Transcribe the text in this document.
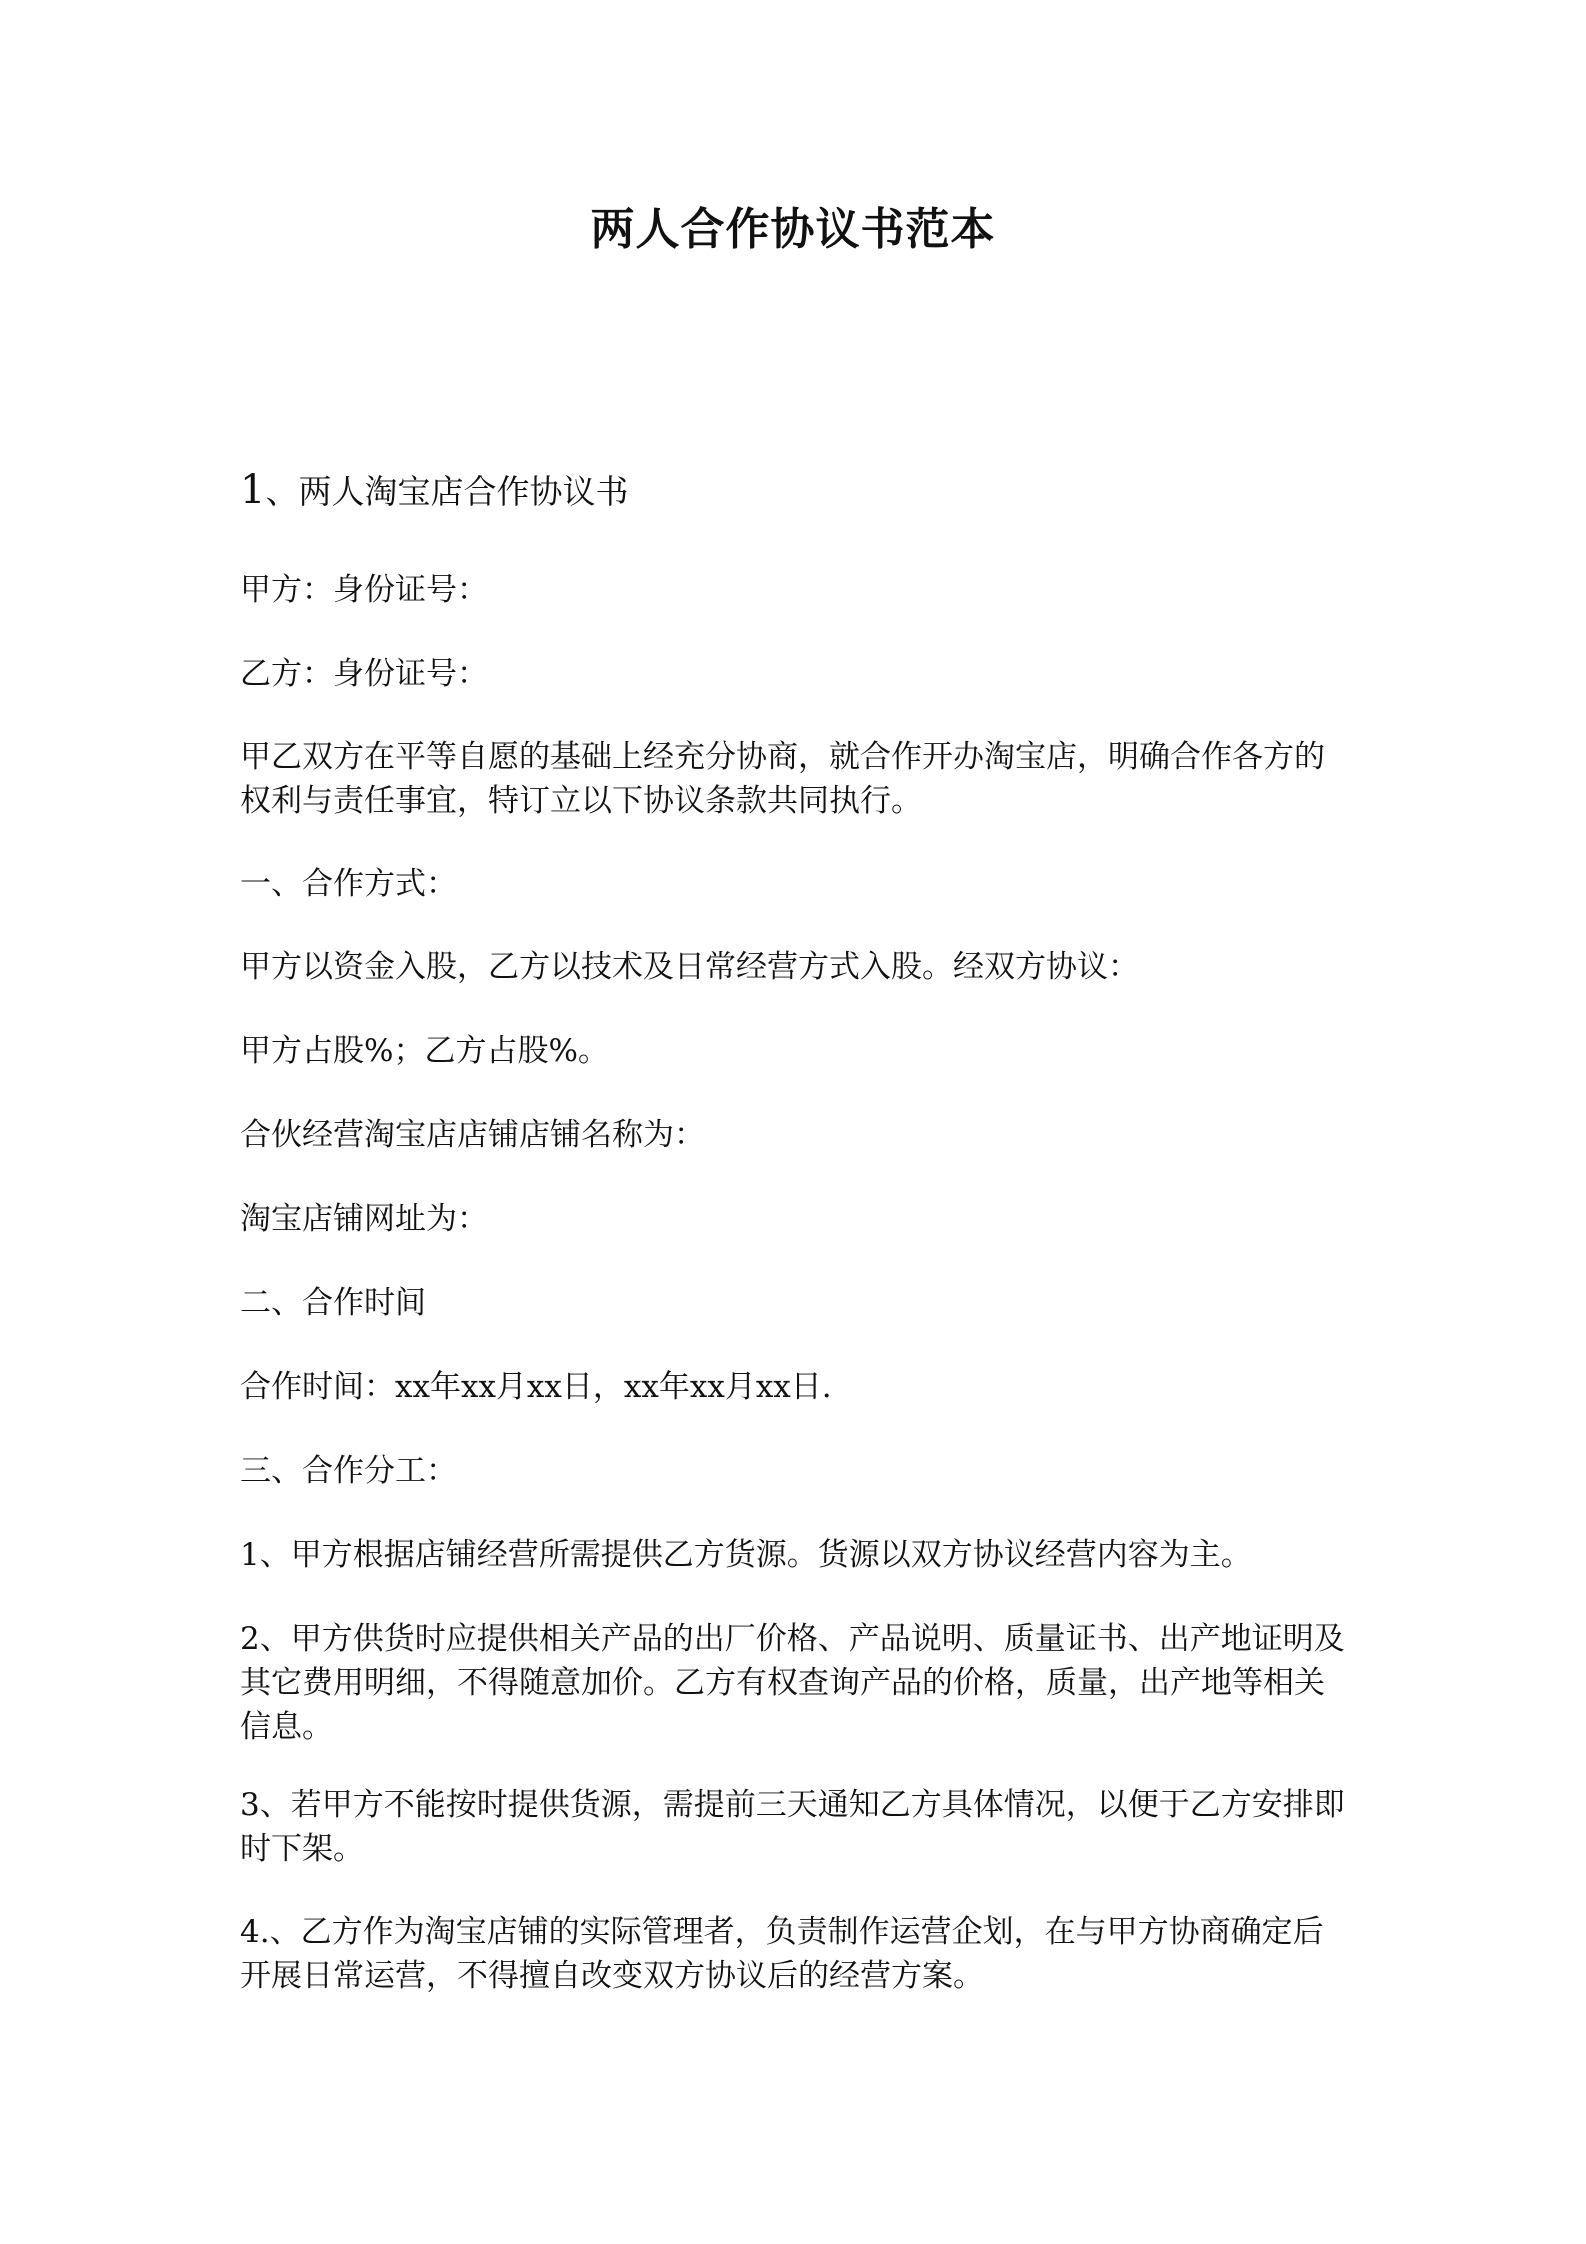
两人合作协议书范本
1、两人淘宝店合作协议书

甲方：身份证号：

乙方：身份证号：

甲乙双方在平等自愿的基础上经充分协商，就合作开办淘宝店，明确合作各方的权利与责任事宜，特订立以下协议条款共同执行。

一、合作方式：

甲方以资金入股，乙方以技术及日常经营方式入股。经双方协议：

甲方占股%；乙方占股%。

合伙经营淘宝店店铺店铺名称为：

淘宝店铺网址为：

二、合作时间

合作时间：xx年xx月xx日，xx年xx月xx日.

三、合作分工：

1、甲方根据店铺经营所需提供乙方货源。货源以双方协议经营内容为主。

2、甲方供货时应提供相关产品的出厂价格、产品说明、质量证书、出产地证明及其它费用明细，不得随意加价。乙方有权查询产品的价格，质量，出产地等相关信息。

3、若甲方不能按时提供货源，需提前三天通知乙方具体情况，以便于乙方安排即时下架。

4.、乙方作为淘宝店铺的实际管理者，负责制作运营企划，在与甲方协商确定后开展日常运营，不得擅自改变双方协议后的经营方案。
